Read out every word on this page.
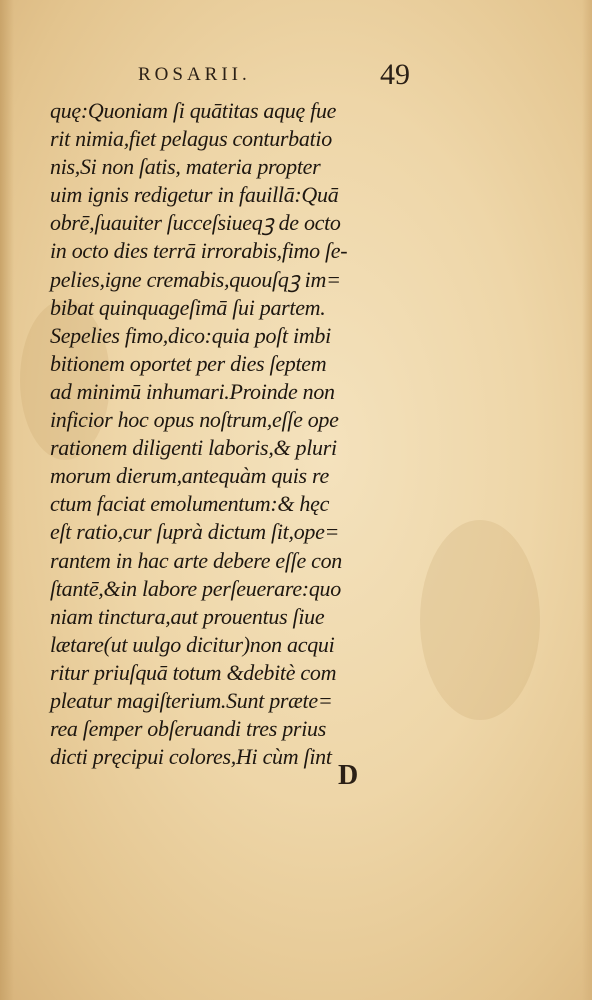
ROSARII.	49
quę:Quoniam ſi quātitas aquę fue
rit nimia,fiet pelagus conturbatio
nis,Si non ſatis, materia propter
uim ignis redigetur in fauillā:Quā
obrē,ſuauiter ſucceſsiueqꝫ de octo
in octo dies terrā irrorabis,fimo ſe-
pelies,igne cremabis,quouſqꝫ im=
bibat quinquageſimā ſui partem.
Sepelies fimo,dico:quia poſt imbi
bitionem oportet per dies ſeptem
ad minimū inhumari.Proinde non
inficior hoc opus noſtrum,eſſe ope
rationem diligenti laboris,& pluri
morum dierum,antequàm quis re
ctum faciat emolumentum:& hęc
eſt ratio,cur ſuprà dictum ſit,ope=
rantem in hac arte debere eſſe con
ſtantē,&in labore perſeuerare:quo
niam tinctura,aut prouentus ſiue
lætare(ut uulgo dicitur)non acqui
ritur priuſquā totum &debitè com
pleatur magiſterium.Sunt præte=
rea ſemper obſeruandi tres prius
dicti pręcipui colores,Hi cùm ſint
D
